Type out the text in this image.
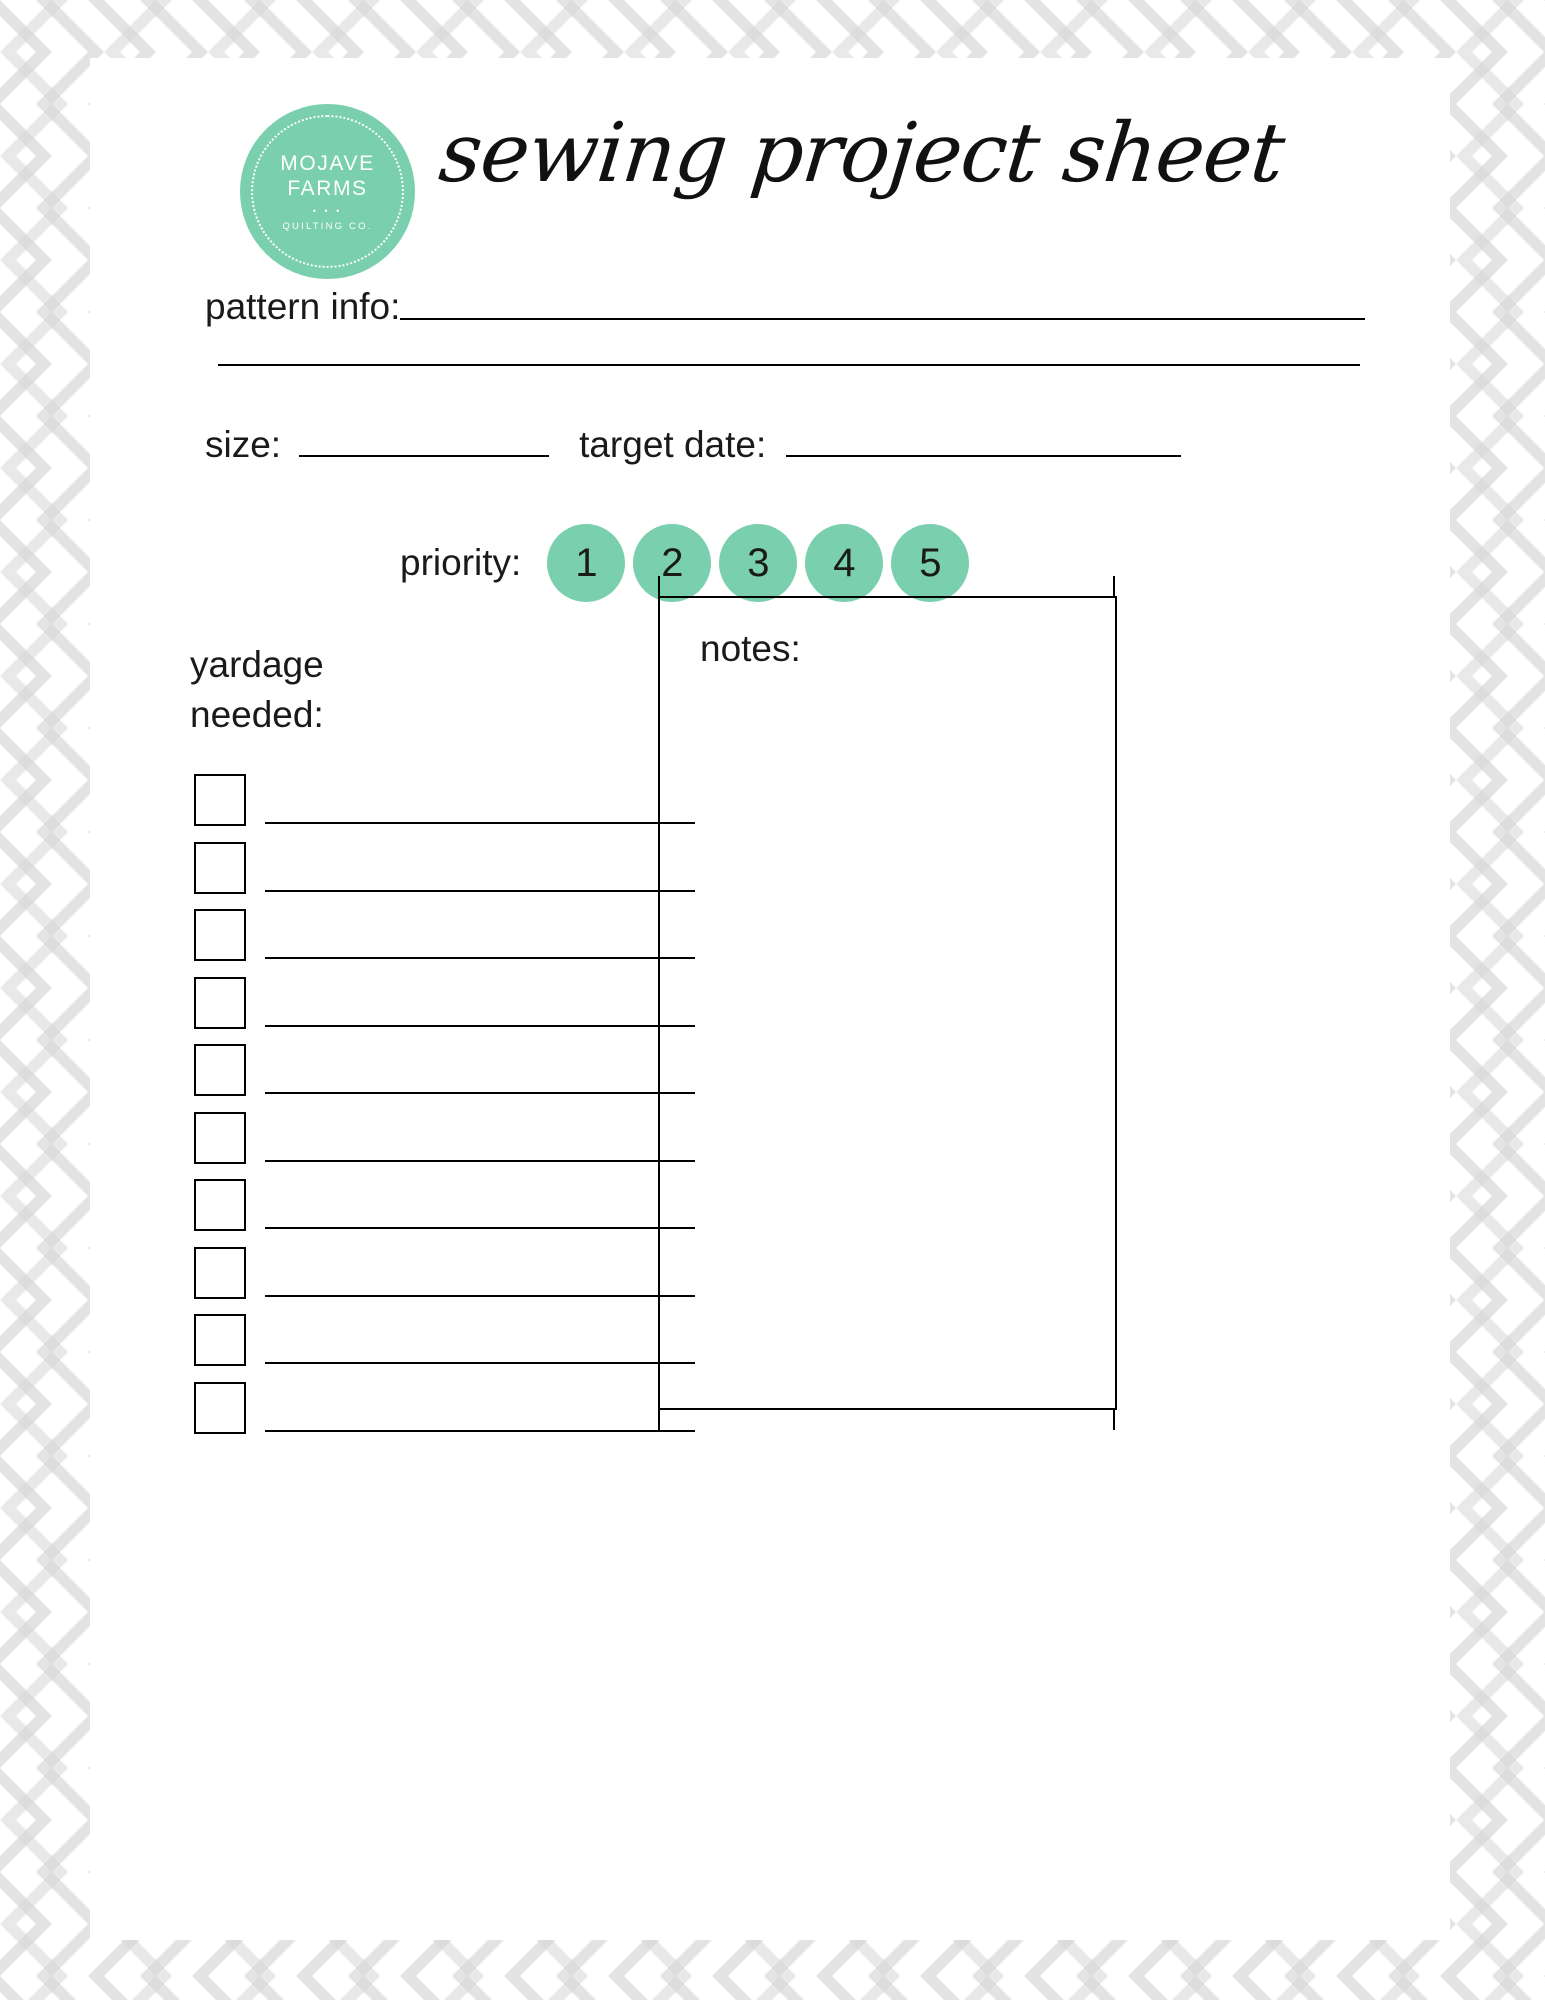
MOJAVE
FARMS
• • •
QUILTING CO.
sewing project sheet
pattern info:
size:	target date:
priority:	1	2	3	4	5
yardage
needed:
notes:
